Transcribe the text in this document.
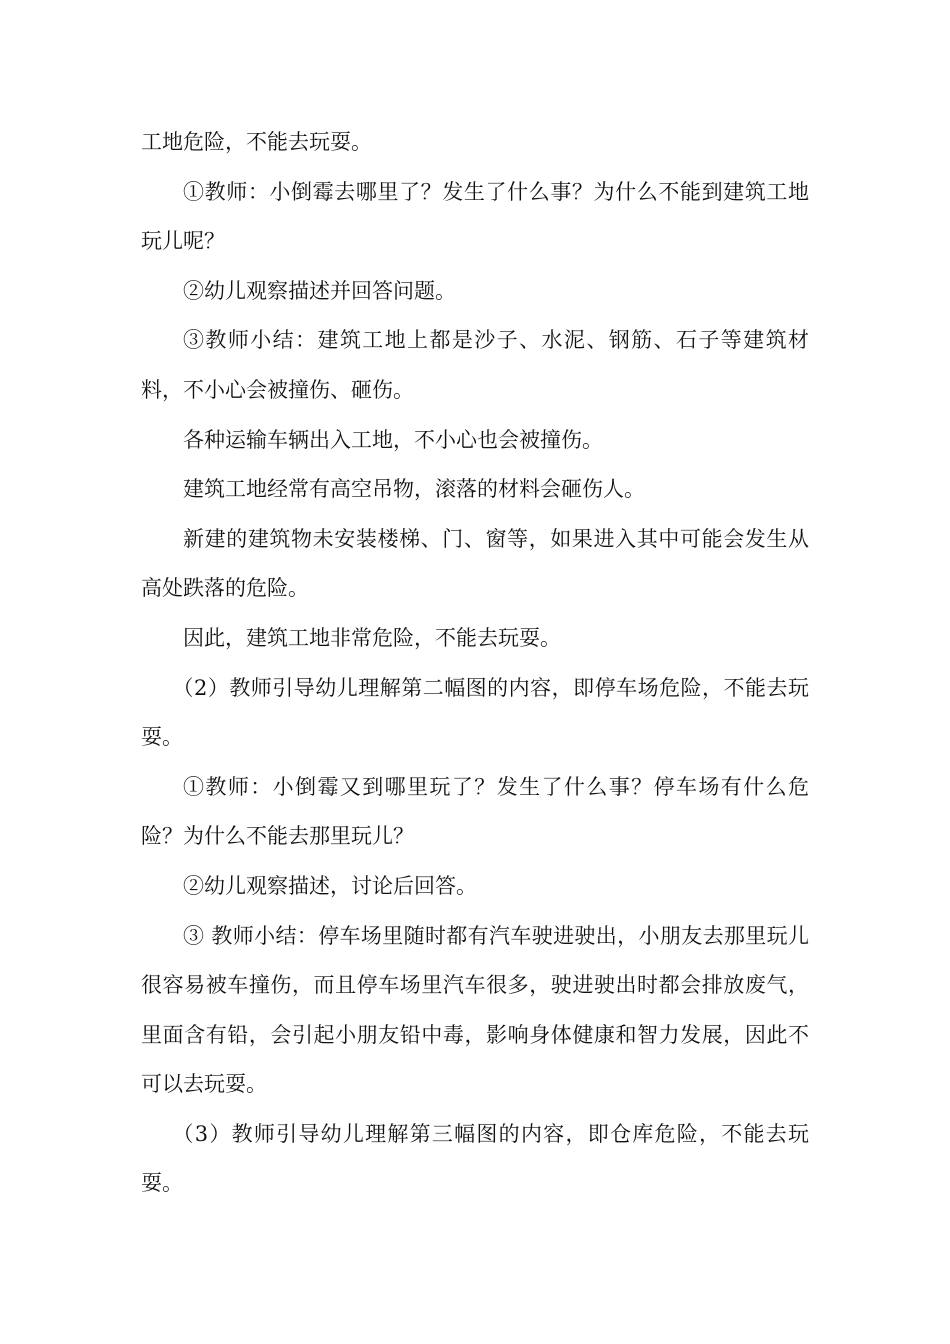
工地危险，不能去玩耍。

①教师：小倒霉去哪里了？发生了什么事？为什么不能到建筑工地玩儿呢？

②幼儿观察描述并回答问题。

③教师小结：建筑工地上都是沙子、水泥、钢筋、石子等建筑材料，不小心会被撞伤、砸伤。

各种运输车辆出入工地，不小心也会被撞伤。

建筑工地经常有高空吊物，滚落的材料会砸伤人。

新建的建筑物未安装楼梯、门、窗等，如果进入其中可能会发生从高处跌落的危险。

因此，建筑工地非常危险，不能去玩耍。

（2）教师引导幼儿理解第二幅图的内容，即停车场危险，不能去玩耍。

①教师：小倒霉又到哪里玩了？发生了什么事？停车场有什么危险？为什么不能去那里玩儿？

②幼儿观察描述，讨论后回答。

③ 教师小结：停车场里随时都有汽车驶进驶出，小朋友去那里玩儿很容易被车撞伤，而且停车场里汽车很多，驶进驶出时都会排放废气，里面含有铅，会引起小朋友铅中毒，影响身体健康和智力发展，因此不可以去玩耍。

（3）教师引导幼儿理解第三幅图的内容，即仓库危险，不能去玩耍。
